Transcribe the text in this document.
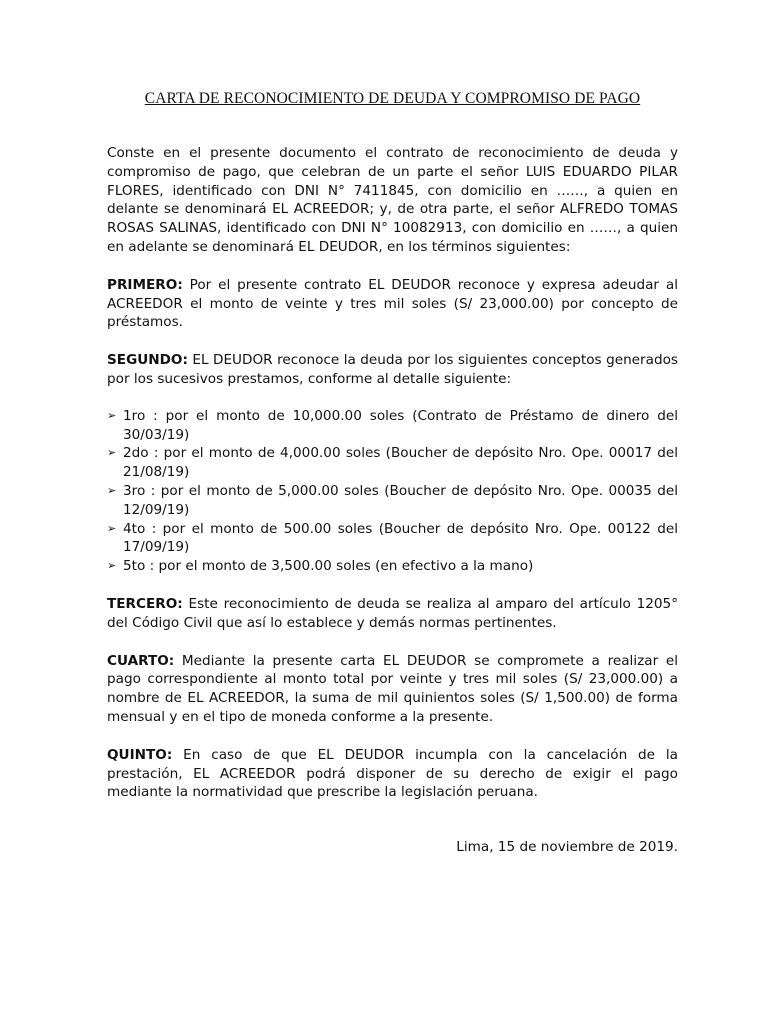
CARTA DE RECONOCIMIENTO DE DEUDA Y COMPROMISO DE PAGO

Conste en el presente documento el contrato de reconocimiento de deuda y compromiso de pago, que celebran de un parte el señor LUIS EDUARDO PILAR FLORES, identificado con DNI N° 7411845, con domicilio en ……, a quien en delante se denominará EL ACREEDOR; y, de otra parte, el señor ALFREDO TOMAS ROSAS SALINAS, identificado con DNI N° 10082913, con domicilio en ……, a quien en adelante se denominará EL DEUDOR, en los términos siguientes:

PRIMERO: Por el presente contrato EL DEUDOR reconoce y expresa adeudar al ACREEDOR el monto de veinte y tres mil soles (S/ 23,000.00) por concepto de préstamos.

SEGUNDO: EL DEUDOR reconoce la deuda por los siguientes conceptos generados por los sucesivos prestamos, conforme al detalle siguiente:

➢ 1ro : por el monto de 10,000.00 soles (Contrato de Préstamo de dinero del 30/03/19)
➢ 2do : por el monto de 4,000.00 soles (Boucher de depósito Nro. Ope. 00017 del 21/08/19)
➢ 3ro : por el monto de 5,000.00 soles (Boucher de depósito Nro. Ope. 00035 del 12/09/19)
➢ 4to : por el monto de 500.00 soles (Boucher de depósito Nro. Ope. 00122 del 17/09/19)
➢ 5to : por el monto de 3,500.00 soles (en efectivo a la mano)

TERCERO: Este reconocimiento de deuda se realiza al amparo del artículo 1205° del Código Civil que así lo establece y demás normas pertinentes.

CUARTO: Mediante la presente carta EL DEUDOR se compromete a realizar el pago correspondiente al monto total por veinte y tres mil soles (S/ 23,000.00) a nombre de EL ACREEDOR, la suma de mil quinientos soles (S/ 1,500.00) de forma mensual y en el tipo de moneda conforme a la presente.

QUINTO: En caso de que EL DEUDOR incumpla con la cancelación de la prestación, EL ACREEDOR podrá disponer de su derecho de exigir el pago mediante la normatividad que prescribe la legislación peruana.

Lima, 15 de noviembre de 2019.
